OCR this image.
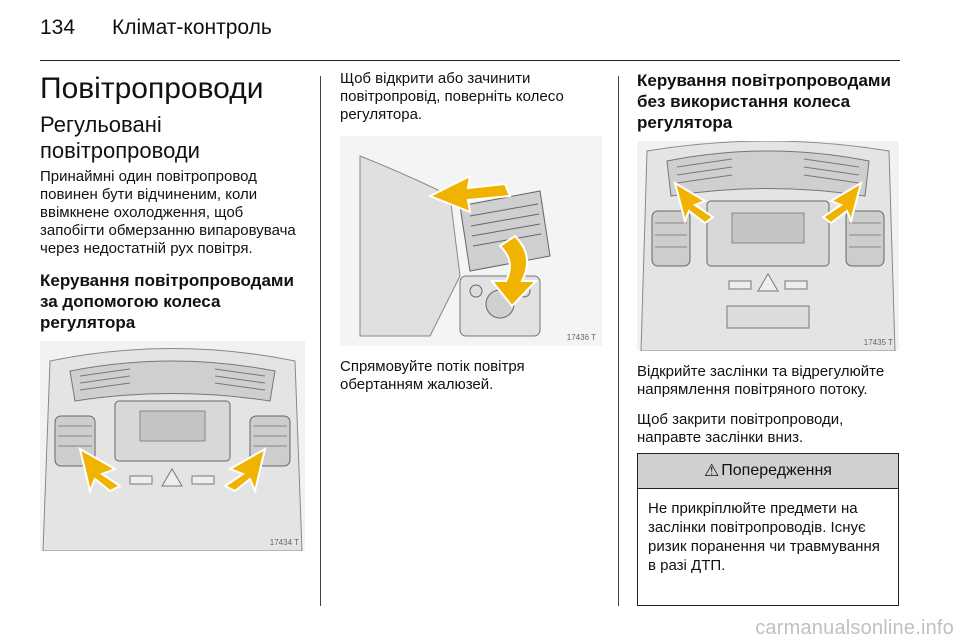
134 Клімат-контроль
Повітропроводи
Регульовані повітропроводи

Принаймні один повітропровод повинен бути відчиненим, коли ввімкнене охолодження, щоб запобігти обмерзанню випаровувача через недостатній рух повітря.

Керування повітропроводами за допомогою колеса регулятора
17434 T

Щоб відкрити або зачинити повітропровід, поверніть колесо регулятора.

17436 T

Спрямовуйте потік повітря обертанням жалюзей.

Керування повітропроводами без використання колеса регулятора
17435 T

Відкрийте заслінки та відрегулюйте напрямлення повітряного потоку.

Щоб закрити повітропроводи, направте заслінки вниз.

⚠ Попередження
Не прикріплюйте предмети на заслінки повітропроводів. Існує ризик поранення чи травмування в разі ДТП.
carmanualsonline.info
